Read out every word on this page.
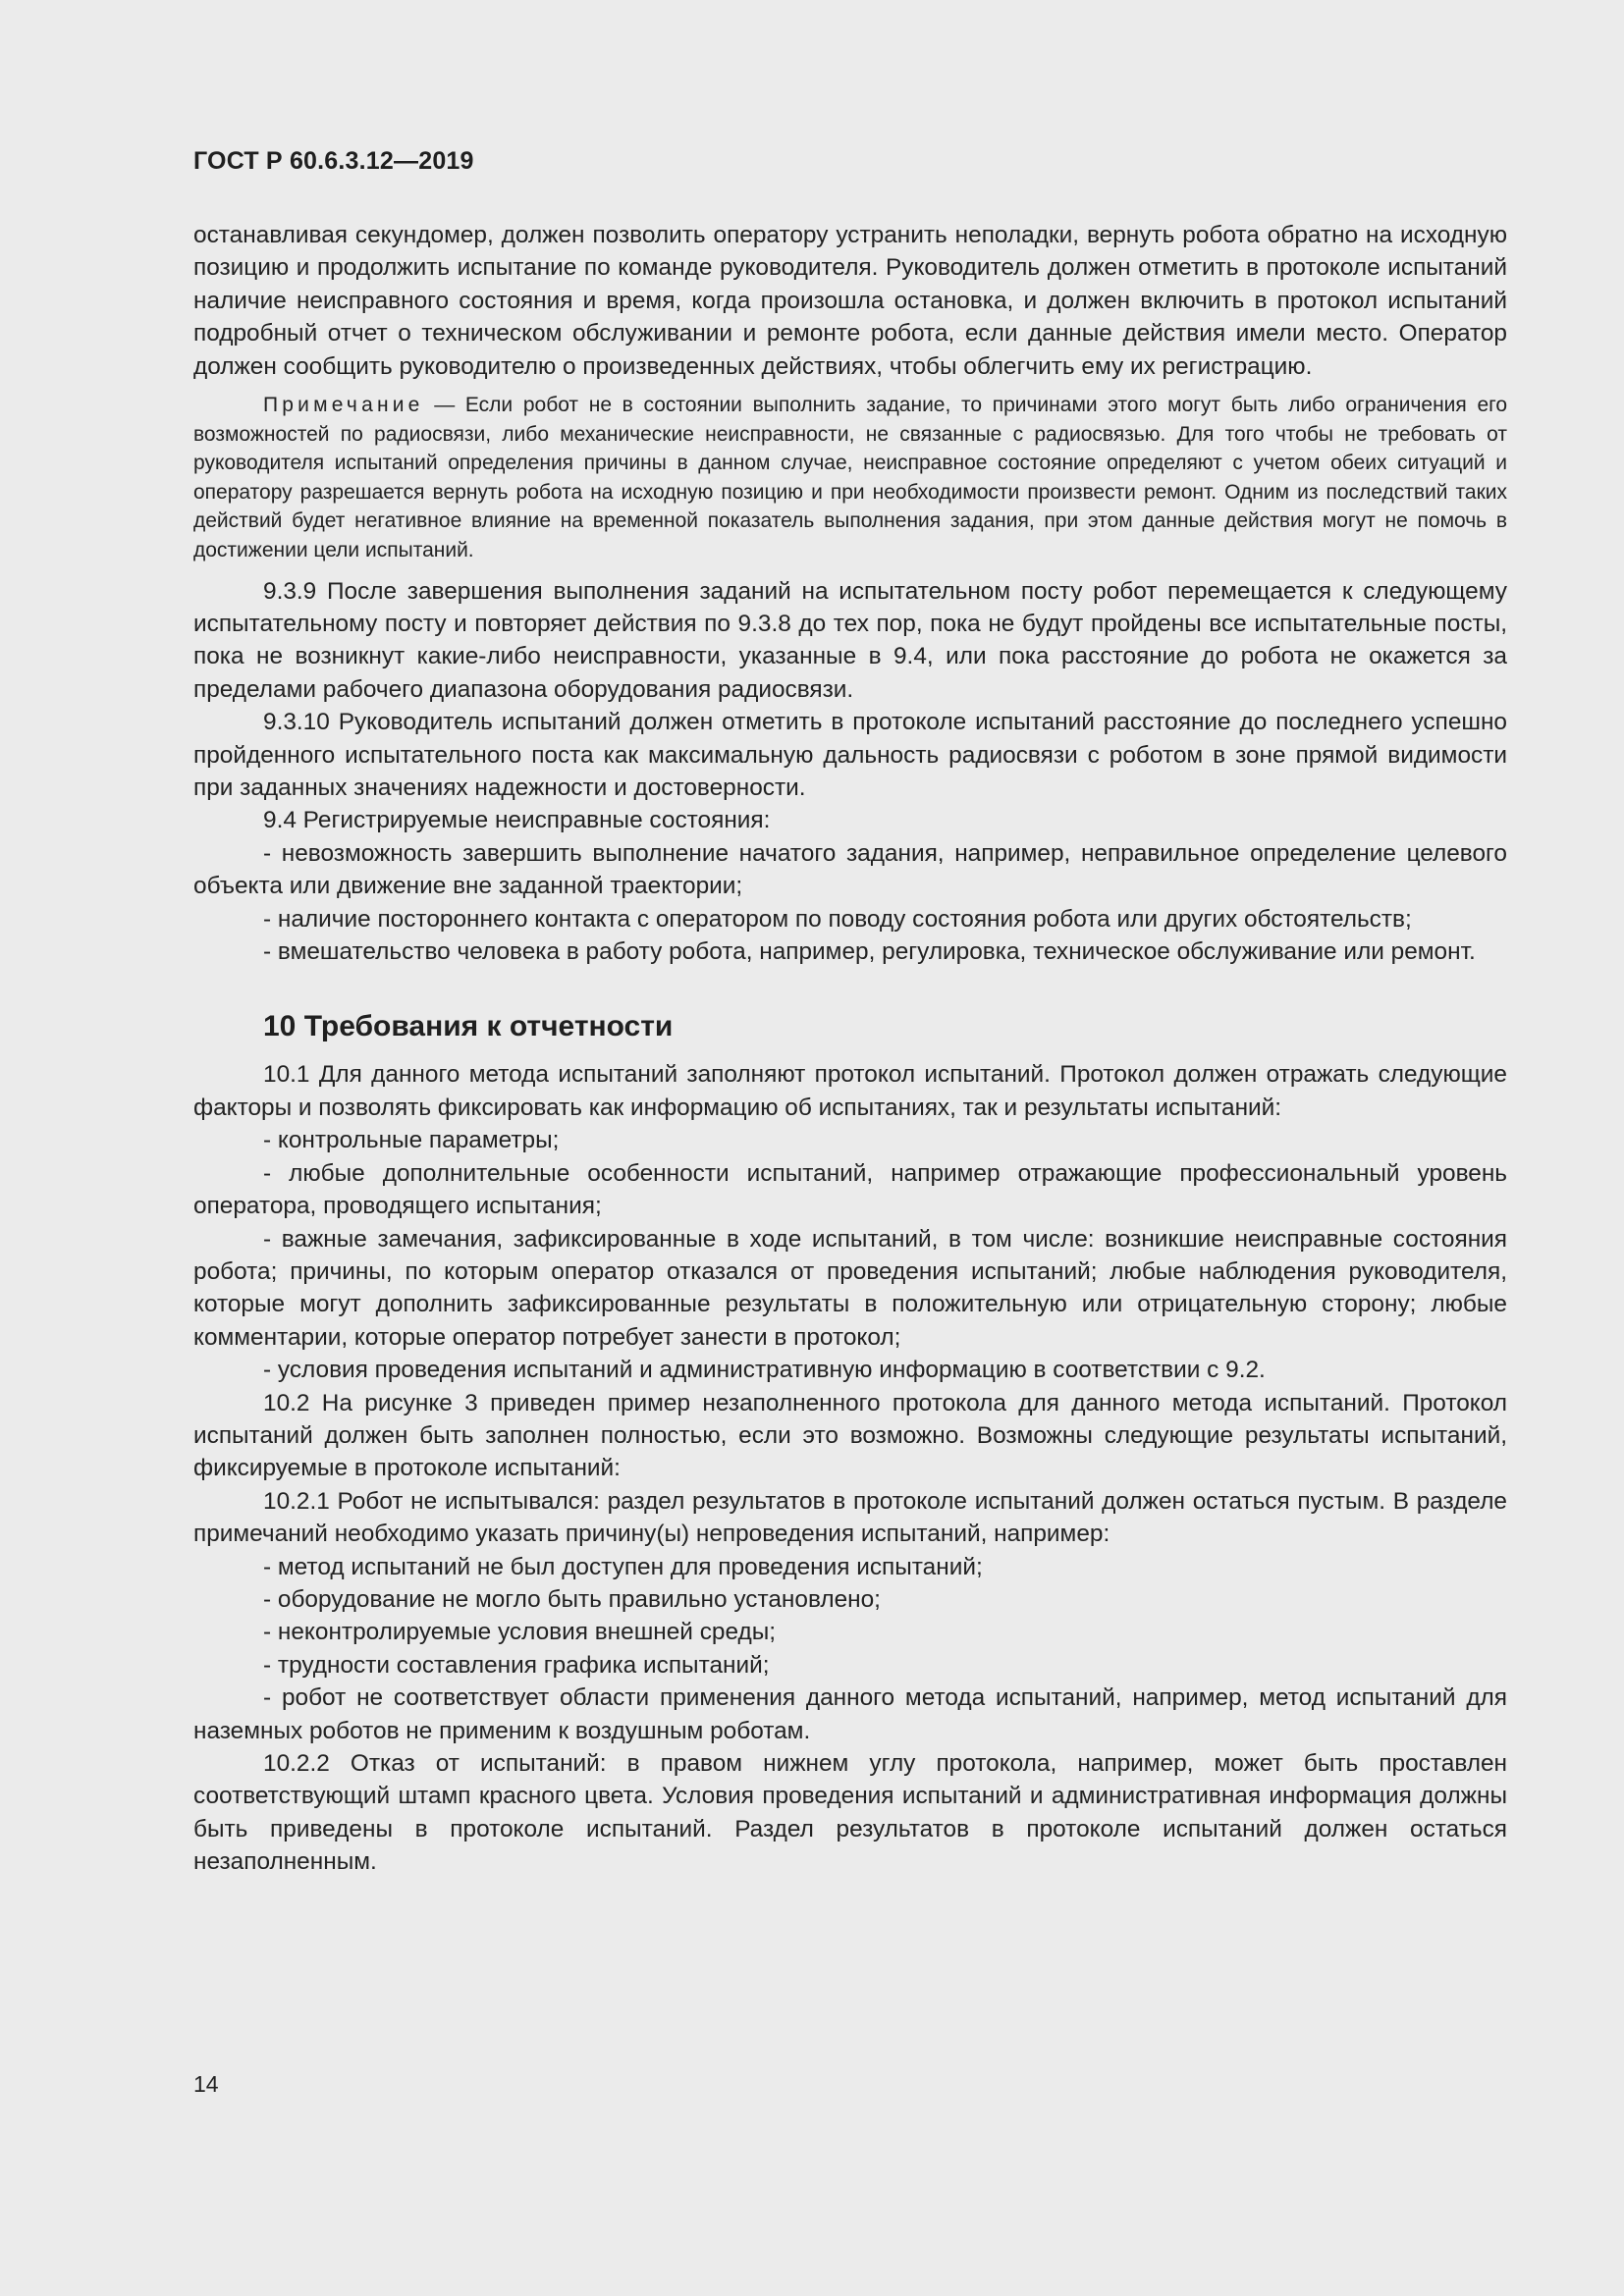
ГОСТ Р 60.6.3.12—2019

останавливая секундомер, должен позволить оператору устранить неполадки, вернуть робота обратно на исходную позицию и продолжить испытание по команде руководителя. Руководитель должен отметить в протоколе испытаний наличие неисправного состояния и время, когда произошла остановка, и должен включить в протокол испытаний подробный отчет о техническом обслуживании и ремонте робота, если данные действия имели место. Оператор должен сообщить руководителю о произведенных действиях, чтобы облегчить ему их регистрацию.

Примечание — Если робот не в состоянии выполнить задание, то причинами этого могут быть либо ограничения его возможностей по радиосвязи, либо механические неисправности, не связанные с радиосвязью. Для того чтобы не требовать от руководителя испытаний определения причины в данном случае, неисправное состояние определяют с учетом обеих ситуаций и оператору разрешается вернуть робота на исходную позицию и при необходимости произвести ремонт. Одним из последствий таких действий будет негативное влияние на временной показатель выполнения задания, при этом данные действия могут не помочь в достижении цели испытаний.

9.3.9 После завершения выполнения заданий на испытательном посту робот перемещается к следующему испытательному посту и повторяет действия по 9.3.8 до тех пор, пока не будут пройдены все испытательные посты, пока не возникнут какие-либо неисправности, указанные в 9.4, или пока расстояние до робота не окажется за пределами рабочего диапазона оборудования радиосвязи.

9.3.10 Руководитель испытаний должен отметить в протоколе испытаний расстояние до последнего успешно пройденного испытательного поста как максимальную дальность радиосвязи с роботом в зоне прямой видимости при заданных значениях надежности и достоверности.

9.4 Регистрируемые неисправные состояния:

- невозможность завершить выполнение начатого задания, например, неправильное определение целевого объекта или движение вне заданной траектории;

- наличие постороннего контакта с оператором по поводу состояния робота или других обстоятельств;

- вмешательство человека в работу робота, например, регулировка, техническое обслуживание или ремонт.

10 Требования к отчетности

10.1 Для данного метода испытаний заполняют протокол испытаний. Протокол должен отражать следующие факторы и позволять фиксировать как информацию об испытаниях, так и результаты испытаний:

- контрольные параметры;

- любые дополнительные особенности испытаний, например отражающие профессиональный уровень оператора, проводящего испытания;

- важные замечания, зафиксированные в ходе испытаний, в том числе: возникшие неисправные состояния робота; причины, по которым оператор отказался от проведения испытаний; любые наблюдения руководителя, которые могут дополнить зафиксированные результаты в положительную или отрицательную сторону; любые комментарии, которые оператор потребует занести в протокол;

- условия проведения испытаний и административную информацию в соответствии с 9.2.

10.2 На рисунке 3 приведен пример незаполненного протокола для данного метода испытаний. Протокол испытаний должен быть заполнен полностью, если это возможно. Возможны следующие результаты испытаний, фиксируемые в протоколе испытаний:

10.2.1 Робот не испытывался: раздел результатов в протоколе испытаний должен остаться пустым. В разделе примечаний необходимо указать причину(ы) непроведения испытаний, например:

- метод испытаний не был доступен для проведения испытаний;

- оборудование не могло быть правильно установлено;

- неконтролируемые условия внешней среды;

- трудности составления графика испытаний;

- робот не соответствует области применения данного метода испытаний, например, метод испытаний для наземных роботов не применим к воздушным роботам.

10.2.2 Отказ от испытаний: в правом нижнем углу протокола, например, может быть проставлен соответствующий штамп красного цвета. Условия проведения испытаний и административная информация должны быть приведены в протоколе испытаний. Раздел результатов в протоколе испытаний должен остаться незаполненным.

14
